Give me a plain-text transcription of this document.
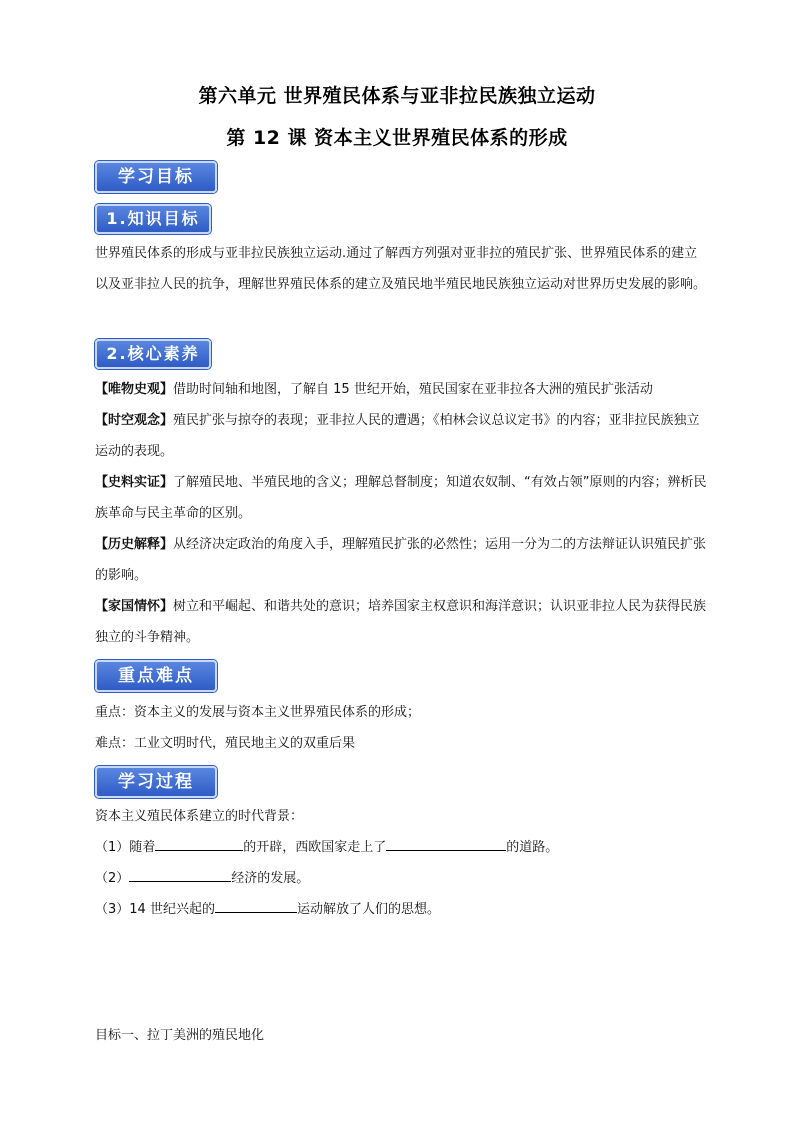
第六单元 世界殖民体系与亚非拉民族独立运动
第 12 课 资本主义世界殖民体系的形成
学习目标
1.知识目标
世界殖民体系的形成与亚非拉民族独立运动.通过了解西方列强对亚非拉的殖民扩张、世界殖民体系的建立以及亚非拉人民的抗争，理解世界殖民体系的建立及殖民地半殖民地民族独立运动对世界历史发展的影响。
2.核心素养
【唯物史观】借助时间轴和地图，了解自 15 世纪开始，殖民国家在亚非拉各大洲的殖民扩张活动
【时空观念】殖民扩张与掠夺的表现；亚非拉人民的遭遇；《柏林会议总议定书》的内容；亚非拉民族独立运动的表现。
【史料实证】了解殖民地、半殖民地的含义；理解总督制度；知道农奴制、“有效占领”原则的内容；辨析民族革命与民主革命的区别。
【历史解释】从经济决定政治的角度入手，理解殖民扩张的必然性；运用一分为二的方法辩证认识殖民扩张的影响。
【家国情怀】树立和平崛起、和谐共处的意识；培养国家主权意识和海洋意识；认识亚非拉人民为获得民族独立的斗争精神。
重点难点
重点：资本主义的发展与资本主义世界殖民体系的形成；
难点：工业文明时代，殖民地主义的双重后果
学习过程
资本主义殖民体系建立的时代背景：
（1）随着	的开辟，西欧国家走上了	的道路。
（2）	经济的发展。
（3）14 世纪兴起的	运动解放了人们的思想。
目标一、拉丁美洲的殖民地化
